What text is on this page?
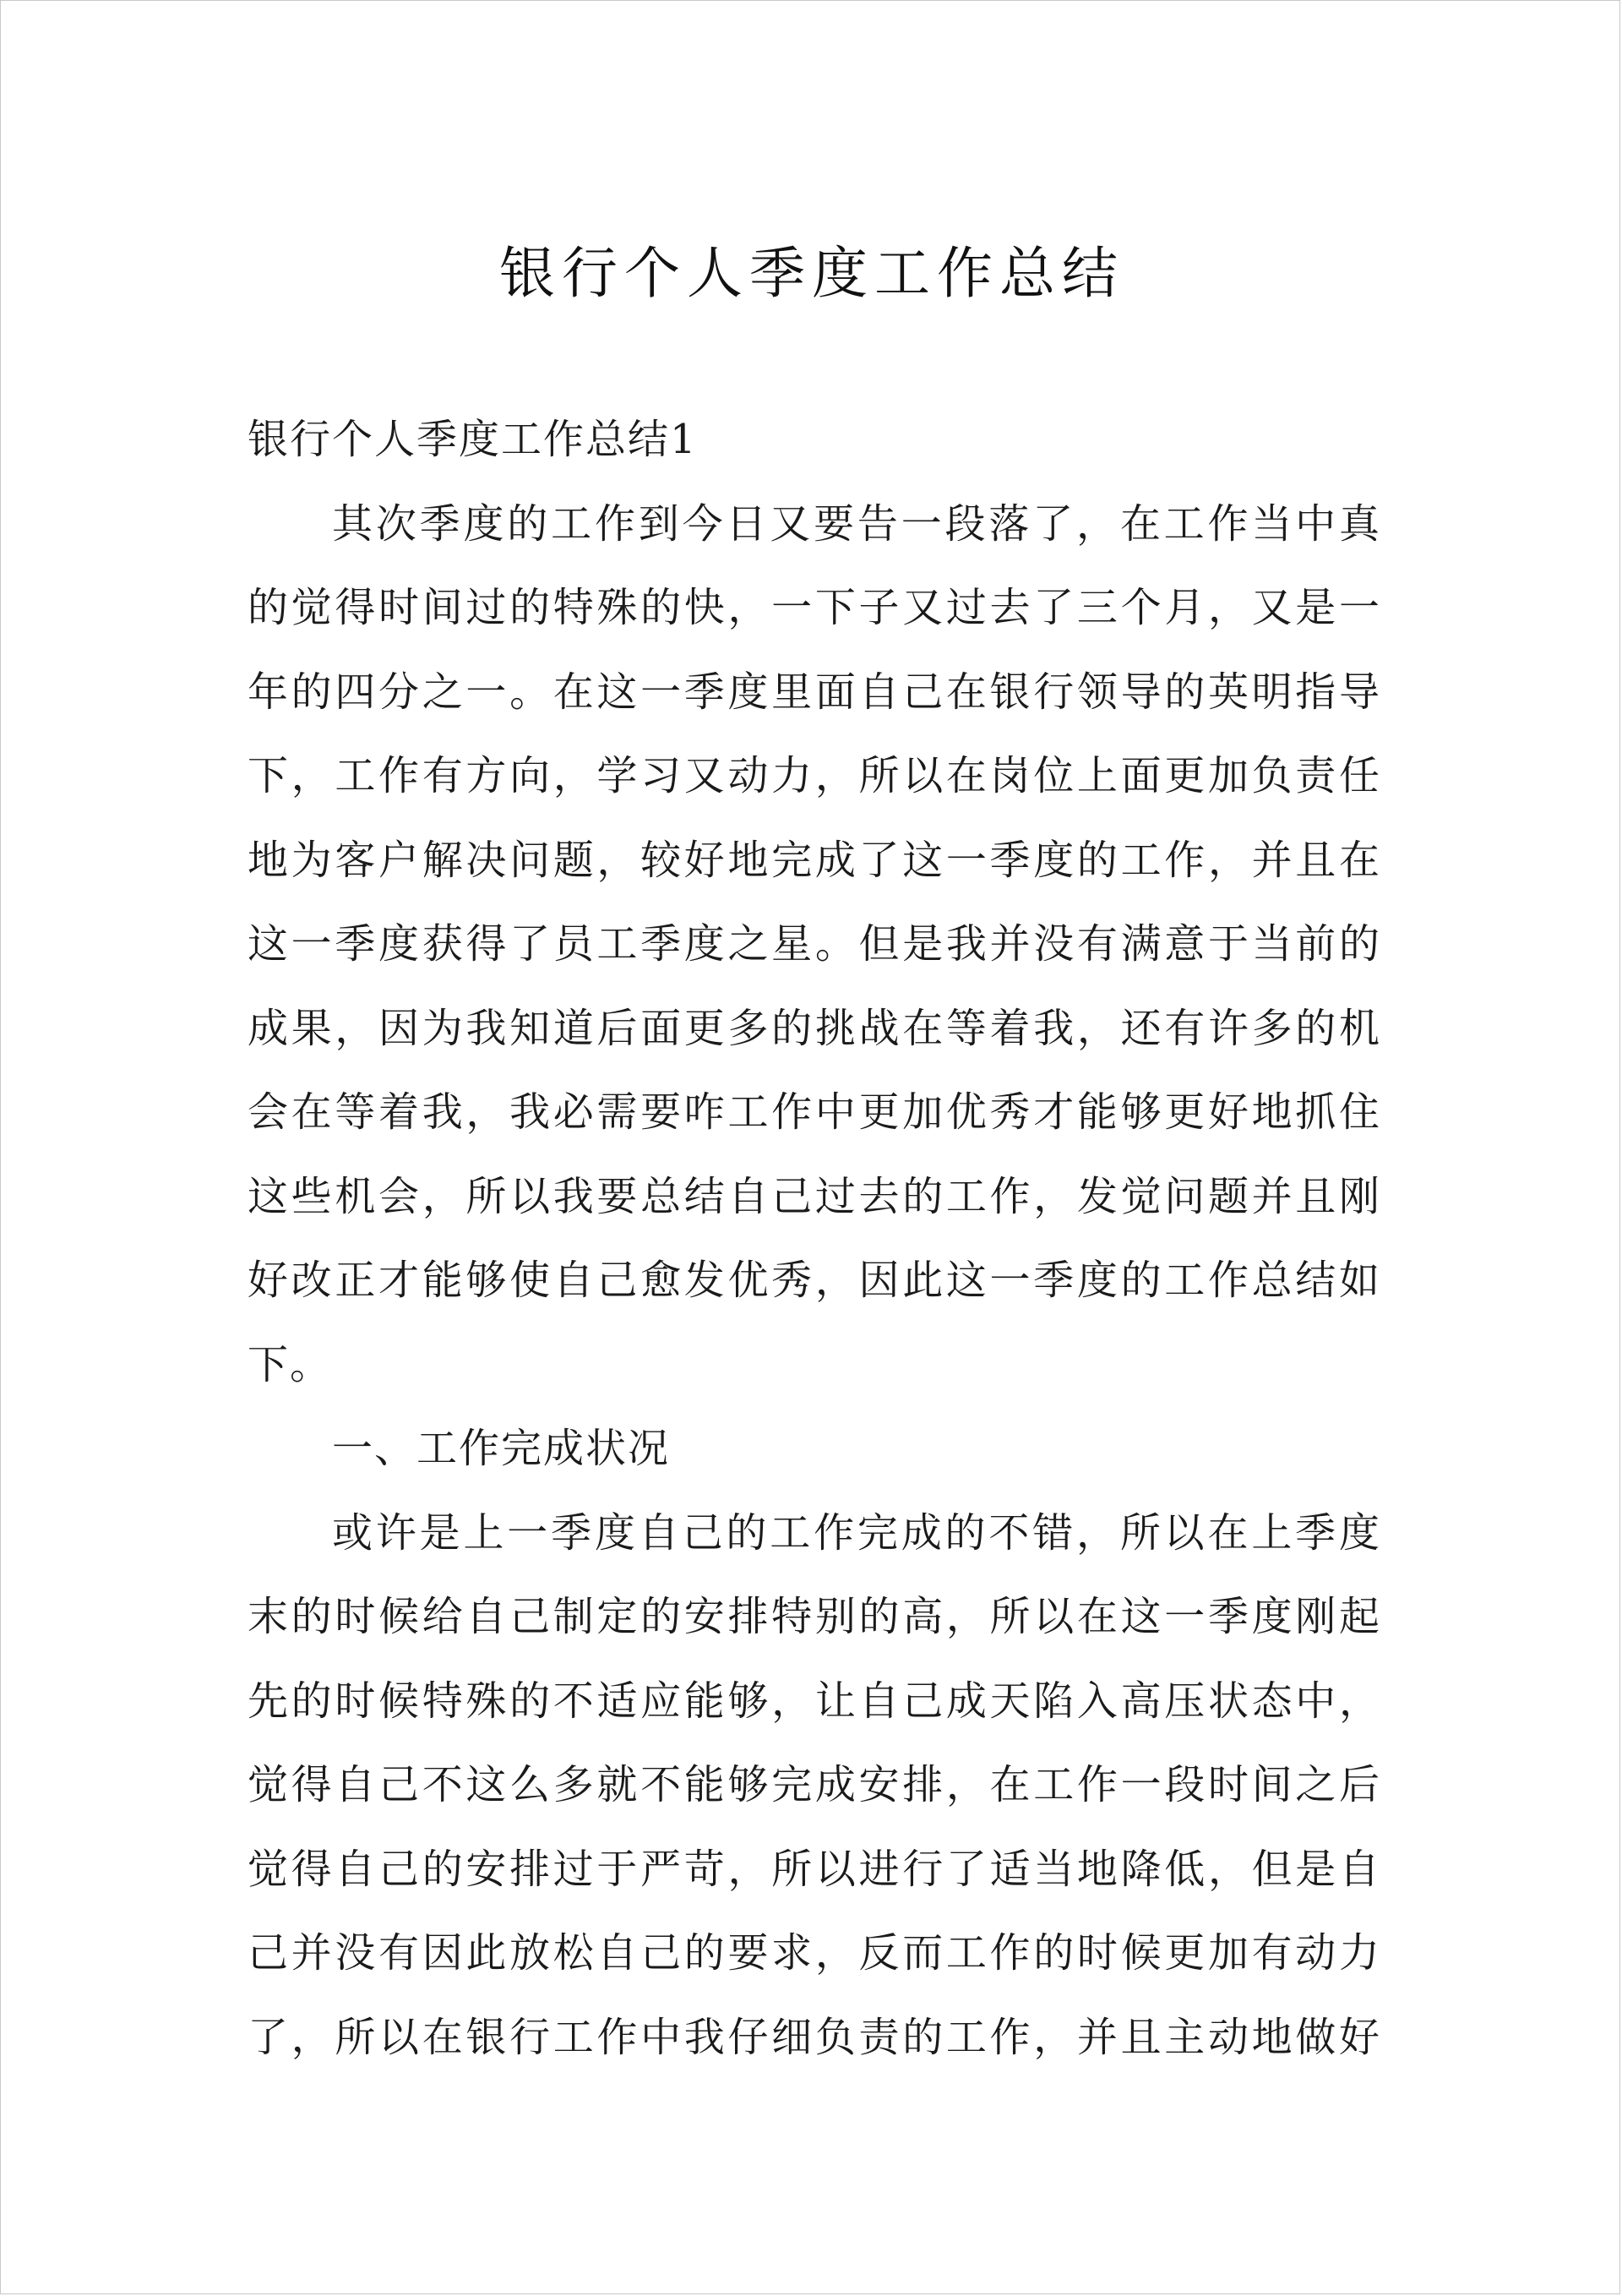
银行个人季度工作总结
银行个人季度工作总结1
其次季度的工作到今日又要告一段落了，在工作当中真
的觉得时间过的特殊的快，一下子又过去了三个月，又是一
年的四分之一。在这一季度里面自己在银行领导的英明指导
下，工作有方向，学习又动力，所以在岗位上面更加负责任
地为客户解决问题，较好地完成了这一季度的工作，并且在
这一季度获得了员工季度之星。但是我并没有满意于当前的
成果，因为我知道后面更多的挑战在等着我，还有许多的机
会在等着我，我必需要咋工作中更加优秀才能够更好地抓住
这些机会，所以我要总结自己过去的工作，发觉问题并且刚
好改正才能够使自己愈发优秀，因此这一季度的工作总结如
下。
一、工作完成状况
或许是上一季度自己的工作完成的不错，所以在上季度
末的时候给自己制定的安排特别的高，所以在这一季度刚起
先的时候特殊的不适应能够，让自己成天陷入高压状态中，
觉得自己不这么多就不能够完成安排，在工作一段时间之后
觉得自己的安排过于严苛，所以进行了适当地降低，但是自
己并没有因此放松自己的要求，反而工作的时候更加有动力
了，所以在银行工作中我仔细负责的工作，并且主动地做好
